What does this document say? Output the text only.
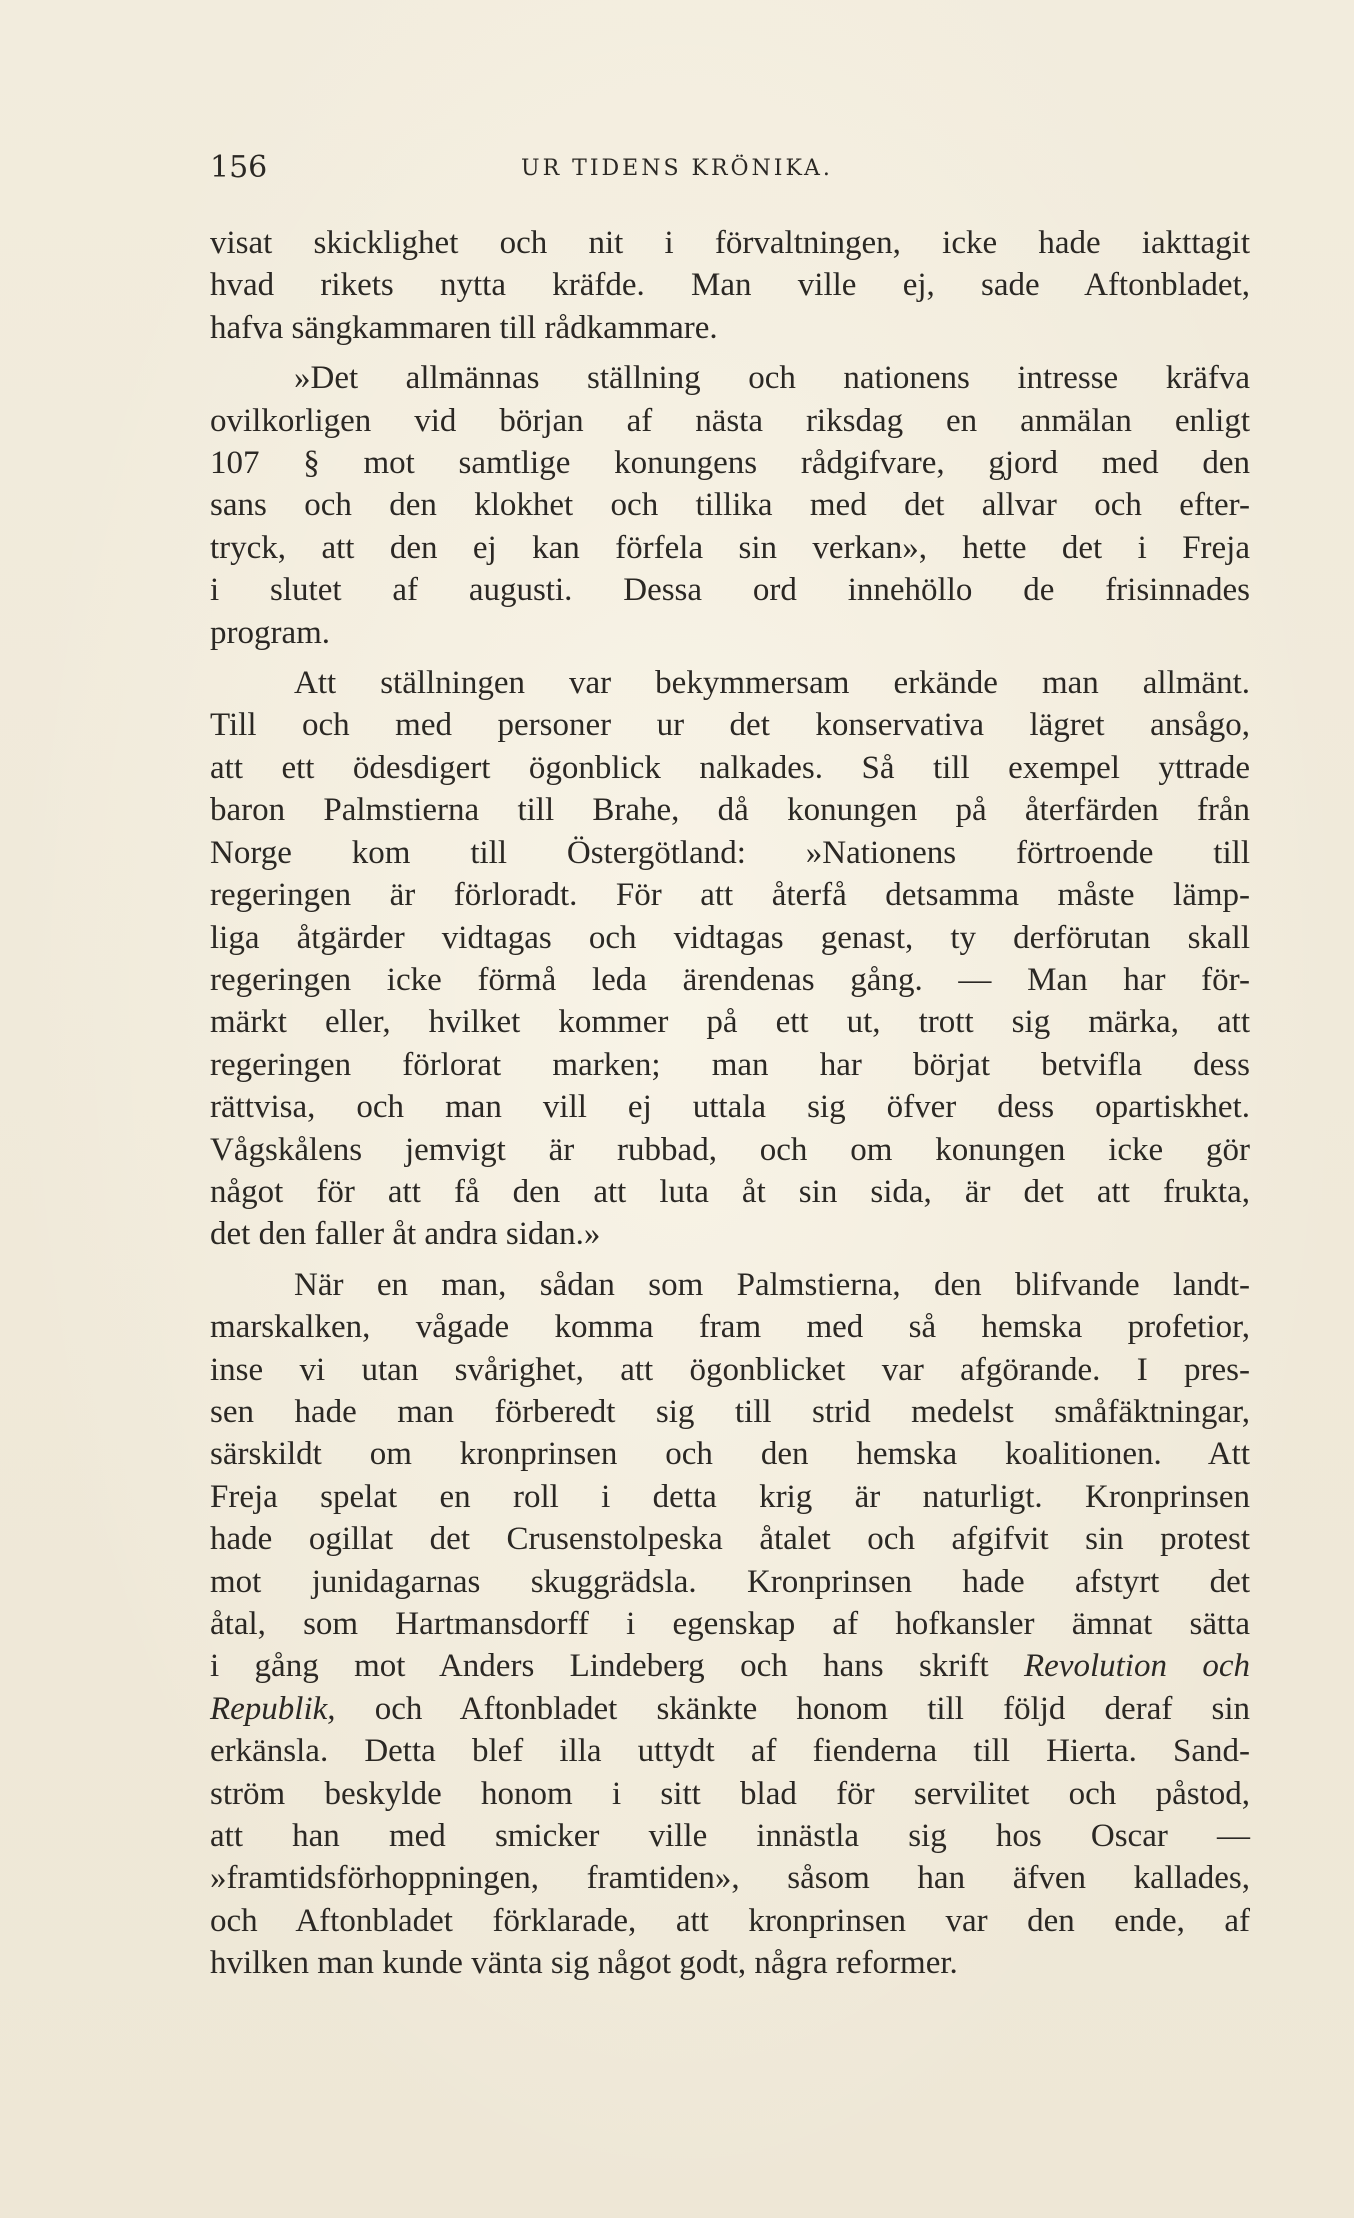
156	UR TIDENS KRÖNIKA.
visat skicklighet och nit i förvaltningen, icke hade iakttagit
hvad rikets nytta kräfde. Man ville ej, sade Aftonbladet,
hafva sängkammaren till rådkammare.
»Det allmännas ställning och nationens intresse kräfva
ovilkorligen vid början af nästa riksdag en anmälan enligt
107 § mot samtlige konungens rådgifvare, gjord med den
sans och den klokhet och tillika med det allvar och efter-
tryck, att den ej kan förfela sin verkan», hette det i Freja
i slutet af augusti. Dessa ord innehöllo de frisinnades
program.
Att ställningen var bekymmersam erkände man allmänt.
Till och med personer ur det konservativa lägret ansågo,
att ett ödesdigert ögonblick nalkades. Så till exempel yttrade
baron Palmstierna till Brahe, då konungen på återfärden från
Norge kom till Östergötland: »Nationens förtroende till
regeringen är förloradt. För att återfå detsamma måste lämp-
liga åtgärder vidtagas och vidtagas genast, ty derförutan skall
regeringen icke förmå leda ärendenas gång. — Man har för-
märkt eller, hvilket kommer på ett ut, trott sig märka, att
regeringen förlorat marken; man har börjat betvifla dess
rättvisa, och man vill ej uttala sig öfver dess opartiskhet.
Vågskålens jemvigt är rubbad, och om konungen icke gör
något för att få den att luta åt sin sida, är det att frukta,
det den faller åt andra sidan.»
När en man, sådan som Palmstierna, den blifvande landt-
marskalken, vågade komma fram med så hemska profetior,
inse vi utan svårighet, att ögonblicket var afgörande. I pres-
sen hade man förberedt sig till strid medelst småfäktningar,
särskildt om kronprinsen och den hemska koalitionen. Att
Freja spelat en roll i detta krig är naturligt. Kronprinsen
hade ogillat det Crusenstolpeska åtalet och afgifvit sin protest
mot junidagarnas skuggrädsla. Kronprinsen hade afstyrt det
åtal, som Hartmansdorff i egenskap af hofkansler ämnat sätta
i gång mot Anders Lindeberg och hans skrift Revolution och
Republik, och Aftonbladet skänkte honom till följd deraf sin
erkänsla. Detta blef illa uttydt af fienderna till Hierta. Sand-
ström beskylde honom i sitt blad för servilitet och påstod,
att han med smicker ville innästla sig hos Oscar —
»framtidsförhoppningen, framtiden», såsom han äfven kallades,
och Aftonbladet förklarade, att kronprinsen var den ende, af
hvilken man kunde vänta sig något godt, några reformer.
